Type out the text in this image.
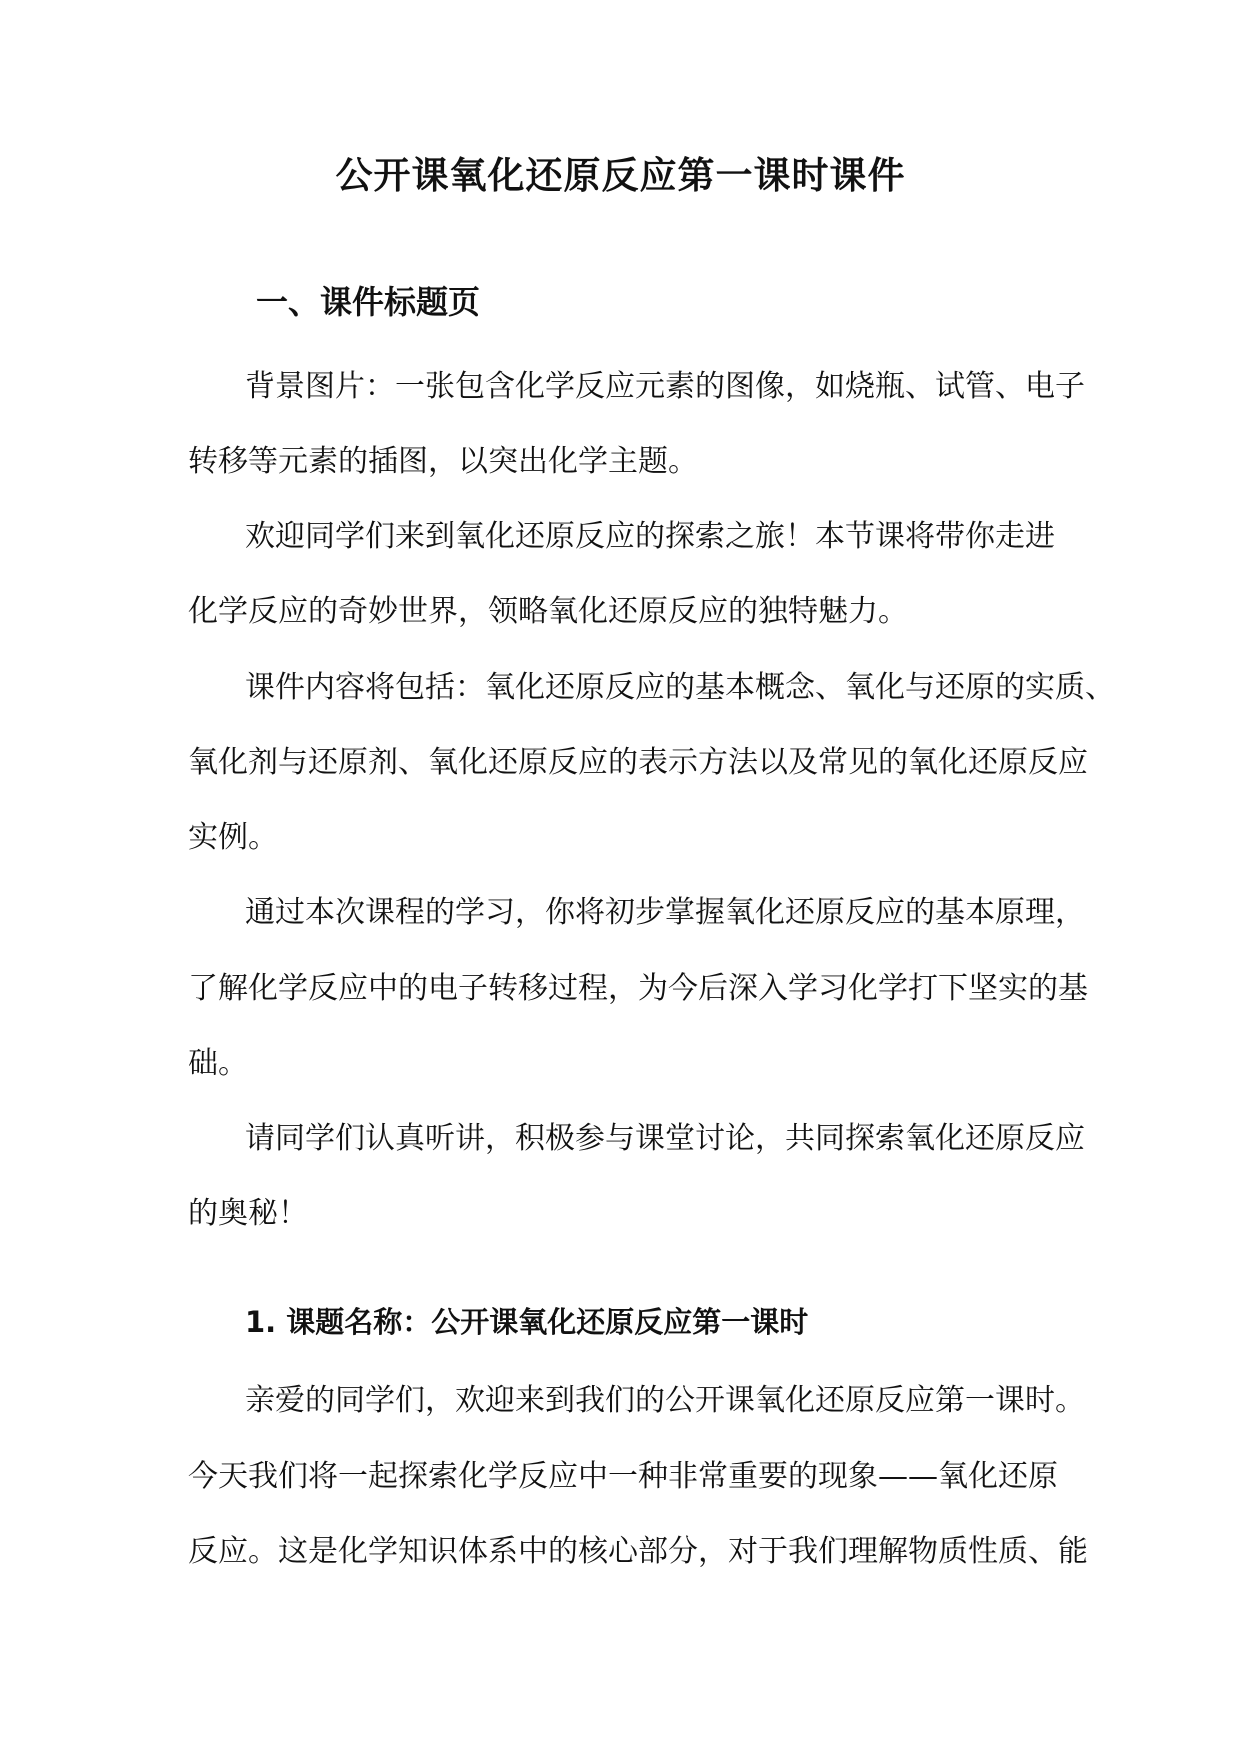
公开课氧化还原反应第一课时课件
一、课件标题页
背景图片：一张包含化学反应元素的图像，如烧瓶、试管、电子
转移等元素的插图，以突出化学主题。
欢迎同学们来到氧化还原反应的探索之旅！本节课将带你走进
化学反应的奇妙世界，领略氧化还原反应的独特魅力。
课件内容将包括：氧化还原反应的基本概念、氧化与还原的实质、
氧化剂与还原剂、氧化还原反应的表示方法以及常见的氧化还原反应
实例。
通过本次课程的学习，你将初步掌握氧化还原反应的基本原理，
了解化学反应中的电子转移过程，为今后深入学习化学打下坚实的基
础。
请同学们认真听讲，积极参与课堂讨论，共同探索氧化还原反应
的奥秘！
1. 课题名称：公开课氧化还原反应第一课时
亲爱的同学们，欢迎来到我们的公开课氧化还原反应第一课时。
今天我们将一起探索化学反应中一种非常重要的现象——氧化还原
反应。这是化学知识体系中的核心部分，对于我们理解物质性质、能
